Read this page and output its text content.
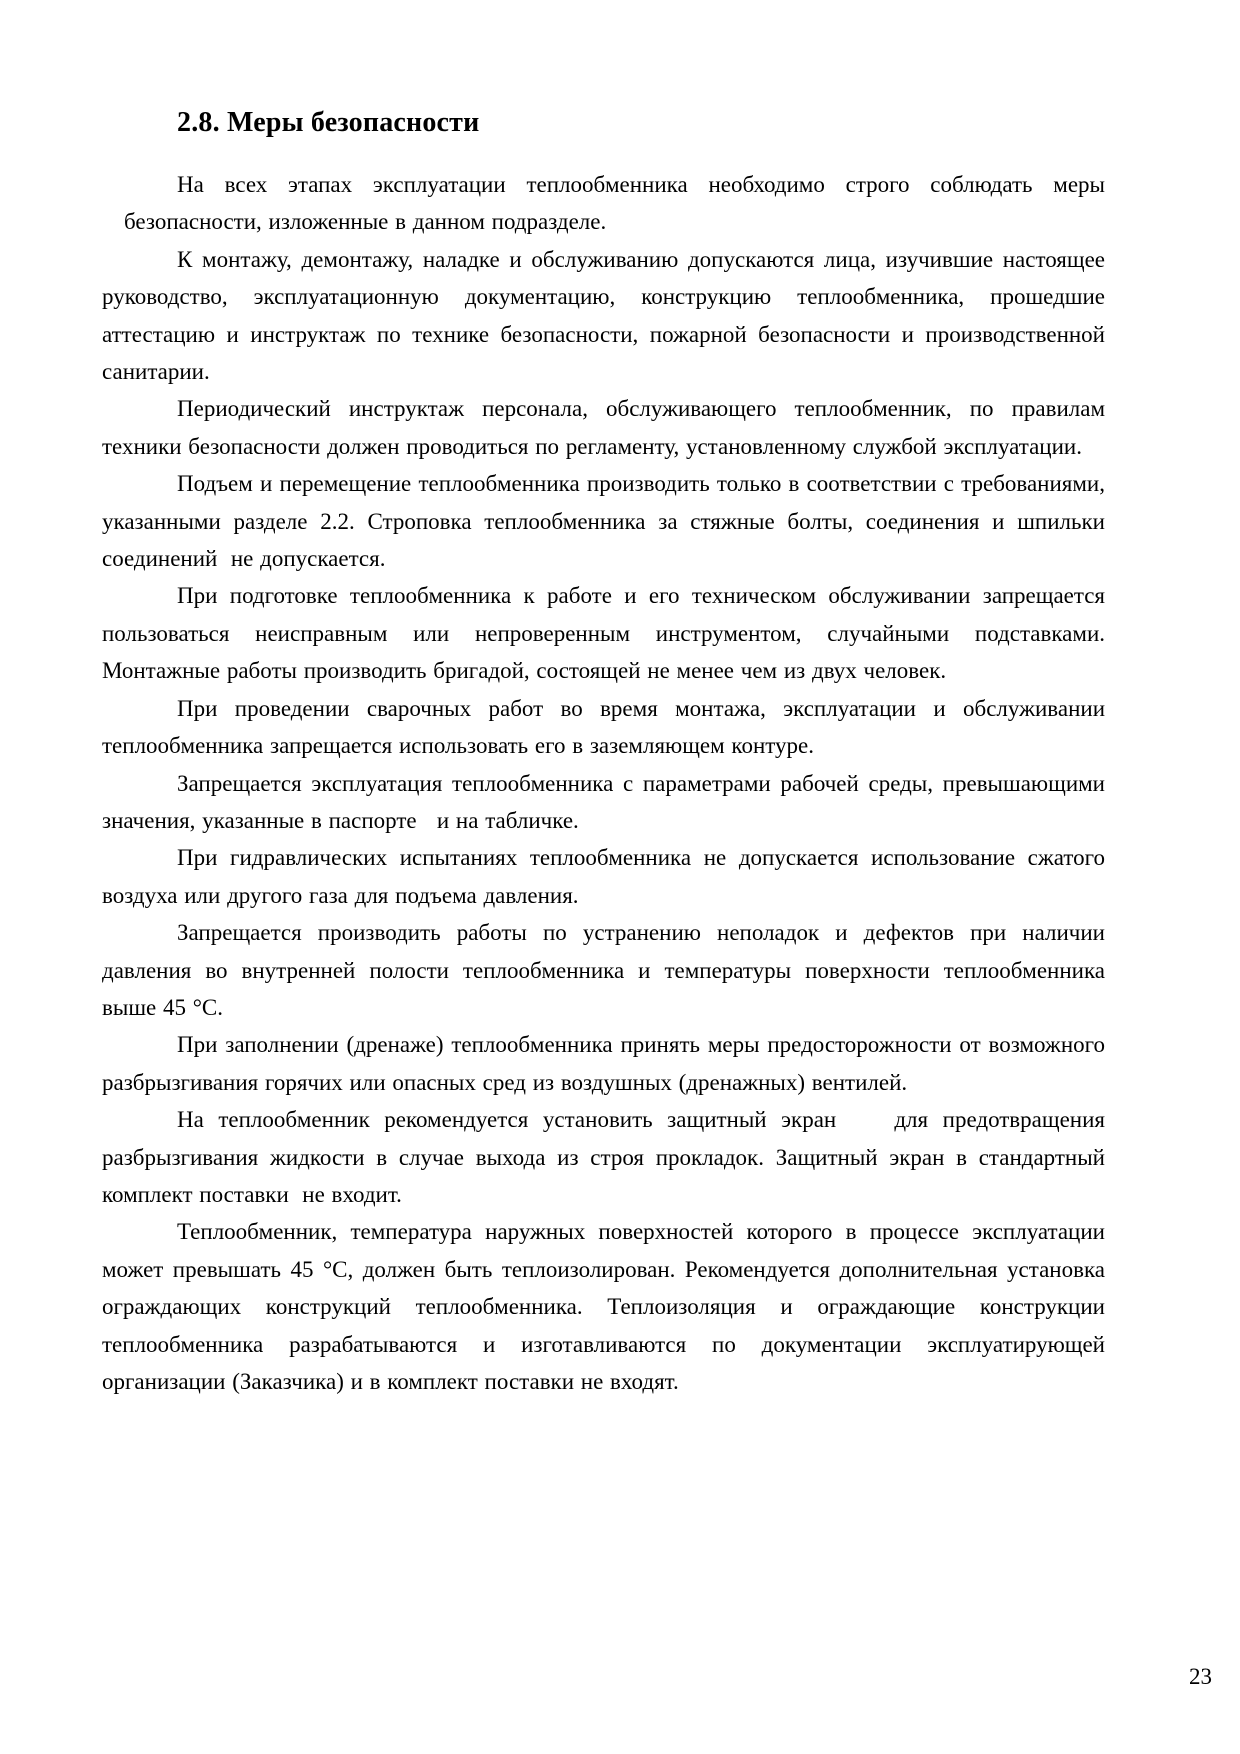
2.8. Меры безопасности

На всех этапах эксплуатации теплообменника необходимо строго соблюдать меры безопасности, изложенные в данном подразделе.

К монтажу, демонтажу, наладке и обслуживанию допускаются лица, изучившие настоящее руководство, эксплуатационную документацию, конструкцию теплообменника, прошедшие аттестацию и инструктаж по технике безопасности, пожарной безопасности и производственной санитарии.

Периодический инструктаж персонала, обслуживающего теплообменник, по правилам техники безопасности должен проводиться по регламенту, установленному службой эксплуатации.

Подъем и перемещение теплообменника производить только в соответствии с требованиями, указанными разделе 2.2. Строповка теплообменника за стяжные болты, соединения и шпильки соединений  не допускается.

При подготовке теплообменника к работе и его техническом обслуживании запрещается пользоваться неисправным или непроверенным инструментом, случайными подставками. Монтажные работы производить бригадой, состоящей не менее чем из двух человек.

При проведении сварочных работ во время монтажа, эксплуатации и обслуживании теплообменника запрещается использовать его в заземляющем контуре.

Запрещается эксплуатация теплообменника с параметрами рабочей среды, превышающими значения, указанные в паспорте   и на табличке.

При гидравлических испытаниях теплообменника не допускается использование сжатого воздуха или другого газа для подъема давления.

Запрещается производить работы по устранению неполадок и дефектов при наличии давления во внутренней полости теплообменника и температуры поверхности теплообменника выше 45 °С.

При заполнении (дренаже) теплообменника принять меры предосторожности от возможного разбрызгивания горячих или опасных сред из воздушных (дренажных) вентилей.

На теплообменник рекомендуется установить защитный экран    для предотвращения разбрызгивания жидкости в случае выхода из строя прокладок. Защитный экран в стандартный комплект поставки  не входит.

Теплообменник, температура наружных поверхностей которого в процессе эксплуатации может превышать 45 °С, должен быть теплоизолирован. Рекомендуется дополнительная установка ограждающих конструкций теплообменника. Теплоизоляция и ограждающие конструкции теплообменника разрабатываются и изготавливаются по документации эксплуатирующей организации (Заказчика) и в комплект поставки не входят.

23
